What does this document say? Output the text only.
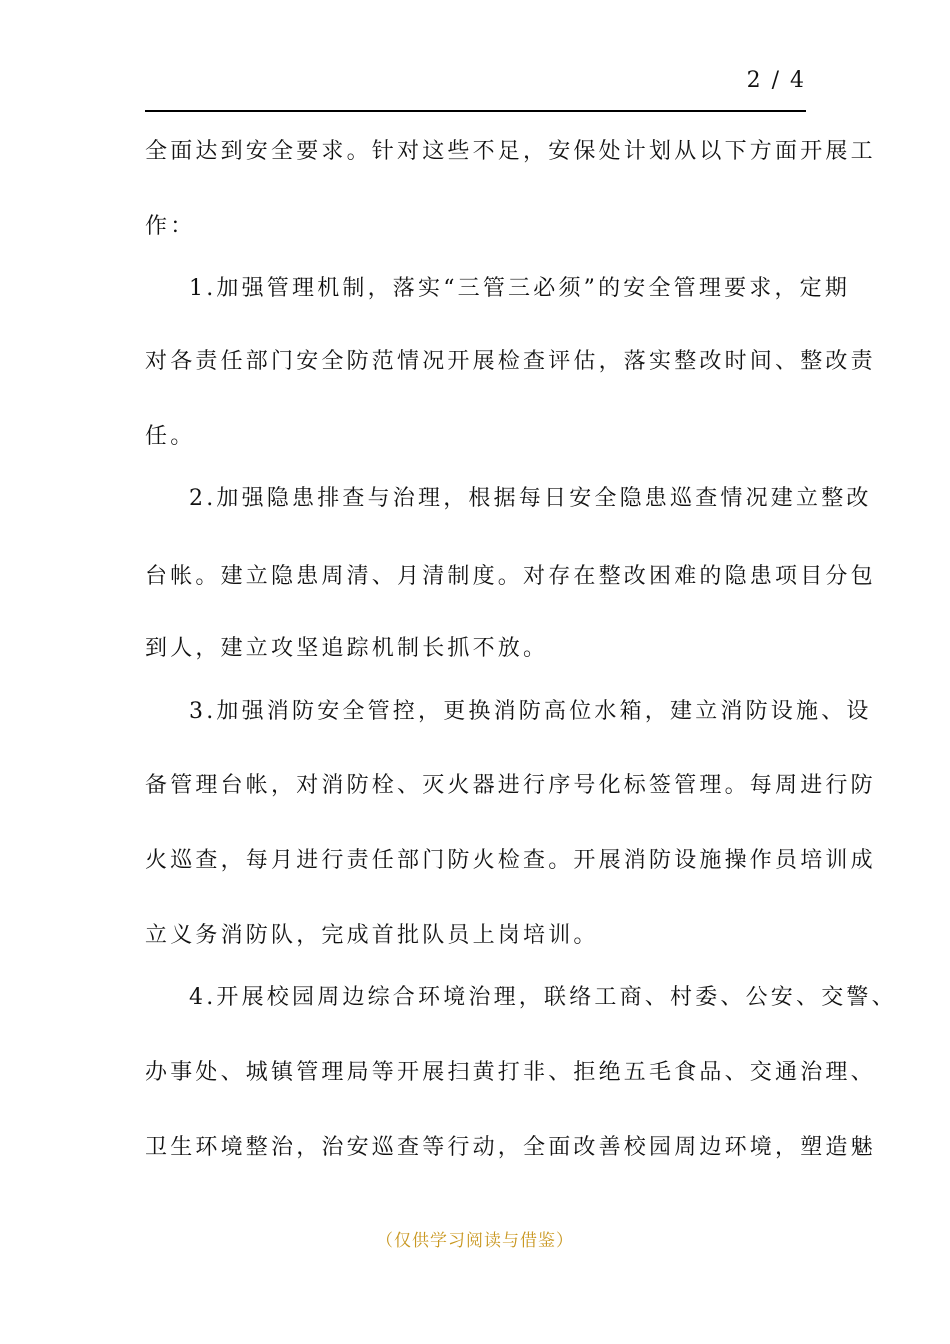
2 / 4
全面达到安全要求。针对这些不足，安保处计划从以下方面开展工
作：
1.加强管理机制，落实“三管三必须”的安全管理要求，定期
对各责任部门安全防范情况开展检查评估，落实整改时间、整改责
任。
2.加强隐患排查与治理，根据每日安全隐患巡查情况建立整改
台帐。建立隐患周清、月清制度。对存在整改困难的隐患项目分包
到人，建立攻坚追踪机制长抓不放。
3.加强消防安全管控，更换消防高位水箱，建立消防设施、设
备管理台帐，对消防栓、灭火器进行序号化标签管理。每周进行防
火巡查，每月进行责任部门防火检查。开展消防设施操作员培训成
立义务消防队，完成首批队员上岗培训。
4.开展校园周边综合环境治理，联络工商、村委、公安、交警、
办事处、城镇管理局等开展扫黄打非、拒绝五毛食品、交通治理、
卫生环境整治，治安巡查等行动，全面改善校园周边环境，塑造魅
（仅供学习阅读与借鉴）
